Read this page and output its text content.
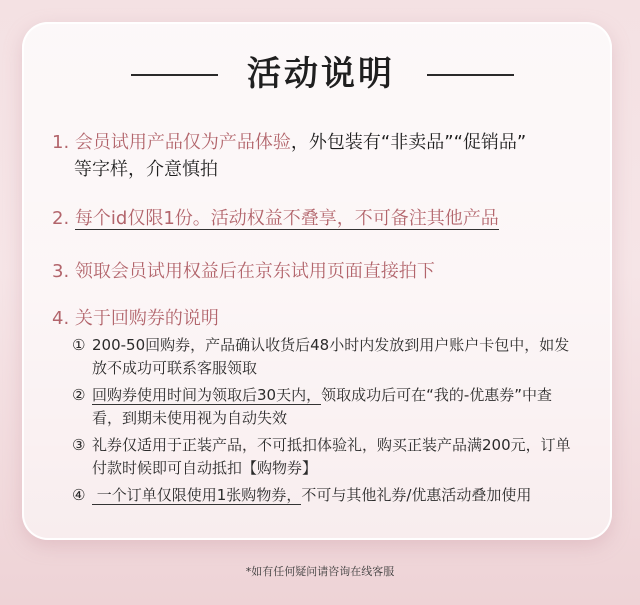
活动说明
1. 会员试用产品仅为产品体验，外包装有“非卖品”“促销品”
等字样，介意慎拍
2. 每个id仅限1份。活动权益不叠享，不可备注其他产品
3. 领取会员试用权益后在京东试用页面直接拍下
4. 关于回购券的说明
① 200-50回购券，产品确认收货后48小时内发放到用户账户卡包中，如发
放不成功可联系客服领取
② 回购券使用时间为领取后30天内，领取成功后可在“我的-优惠券”中查
看，到期未使用视为自动失效
③ 礼券仅适用于正装产品，不可抵扣体验礼，购买正装产品满200元，订单
付款时候即可自动抵扣【购物券】
④ 一个订单仅限使用1张购物券，不可与其他礼券/优惠活动叠加使用
*如有任何疑问请咨询在线客服
